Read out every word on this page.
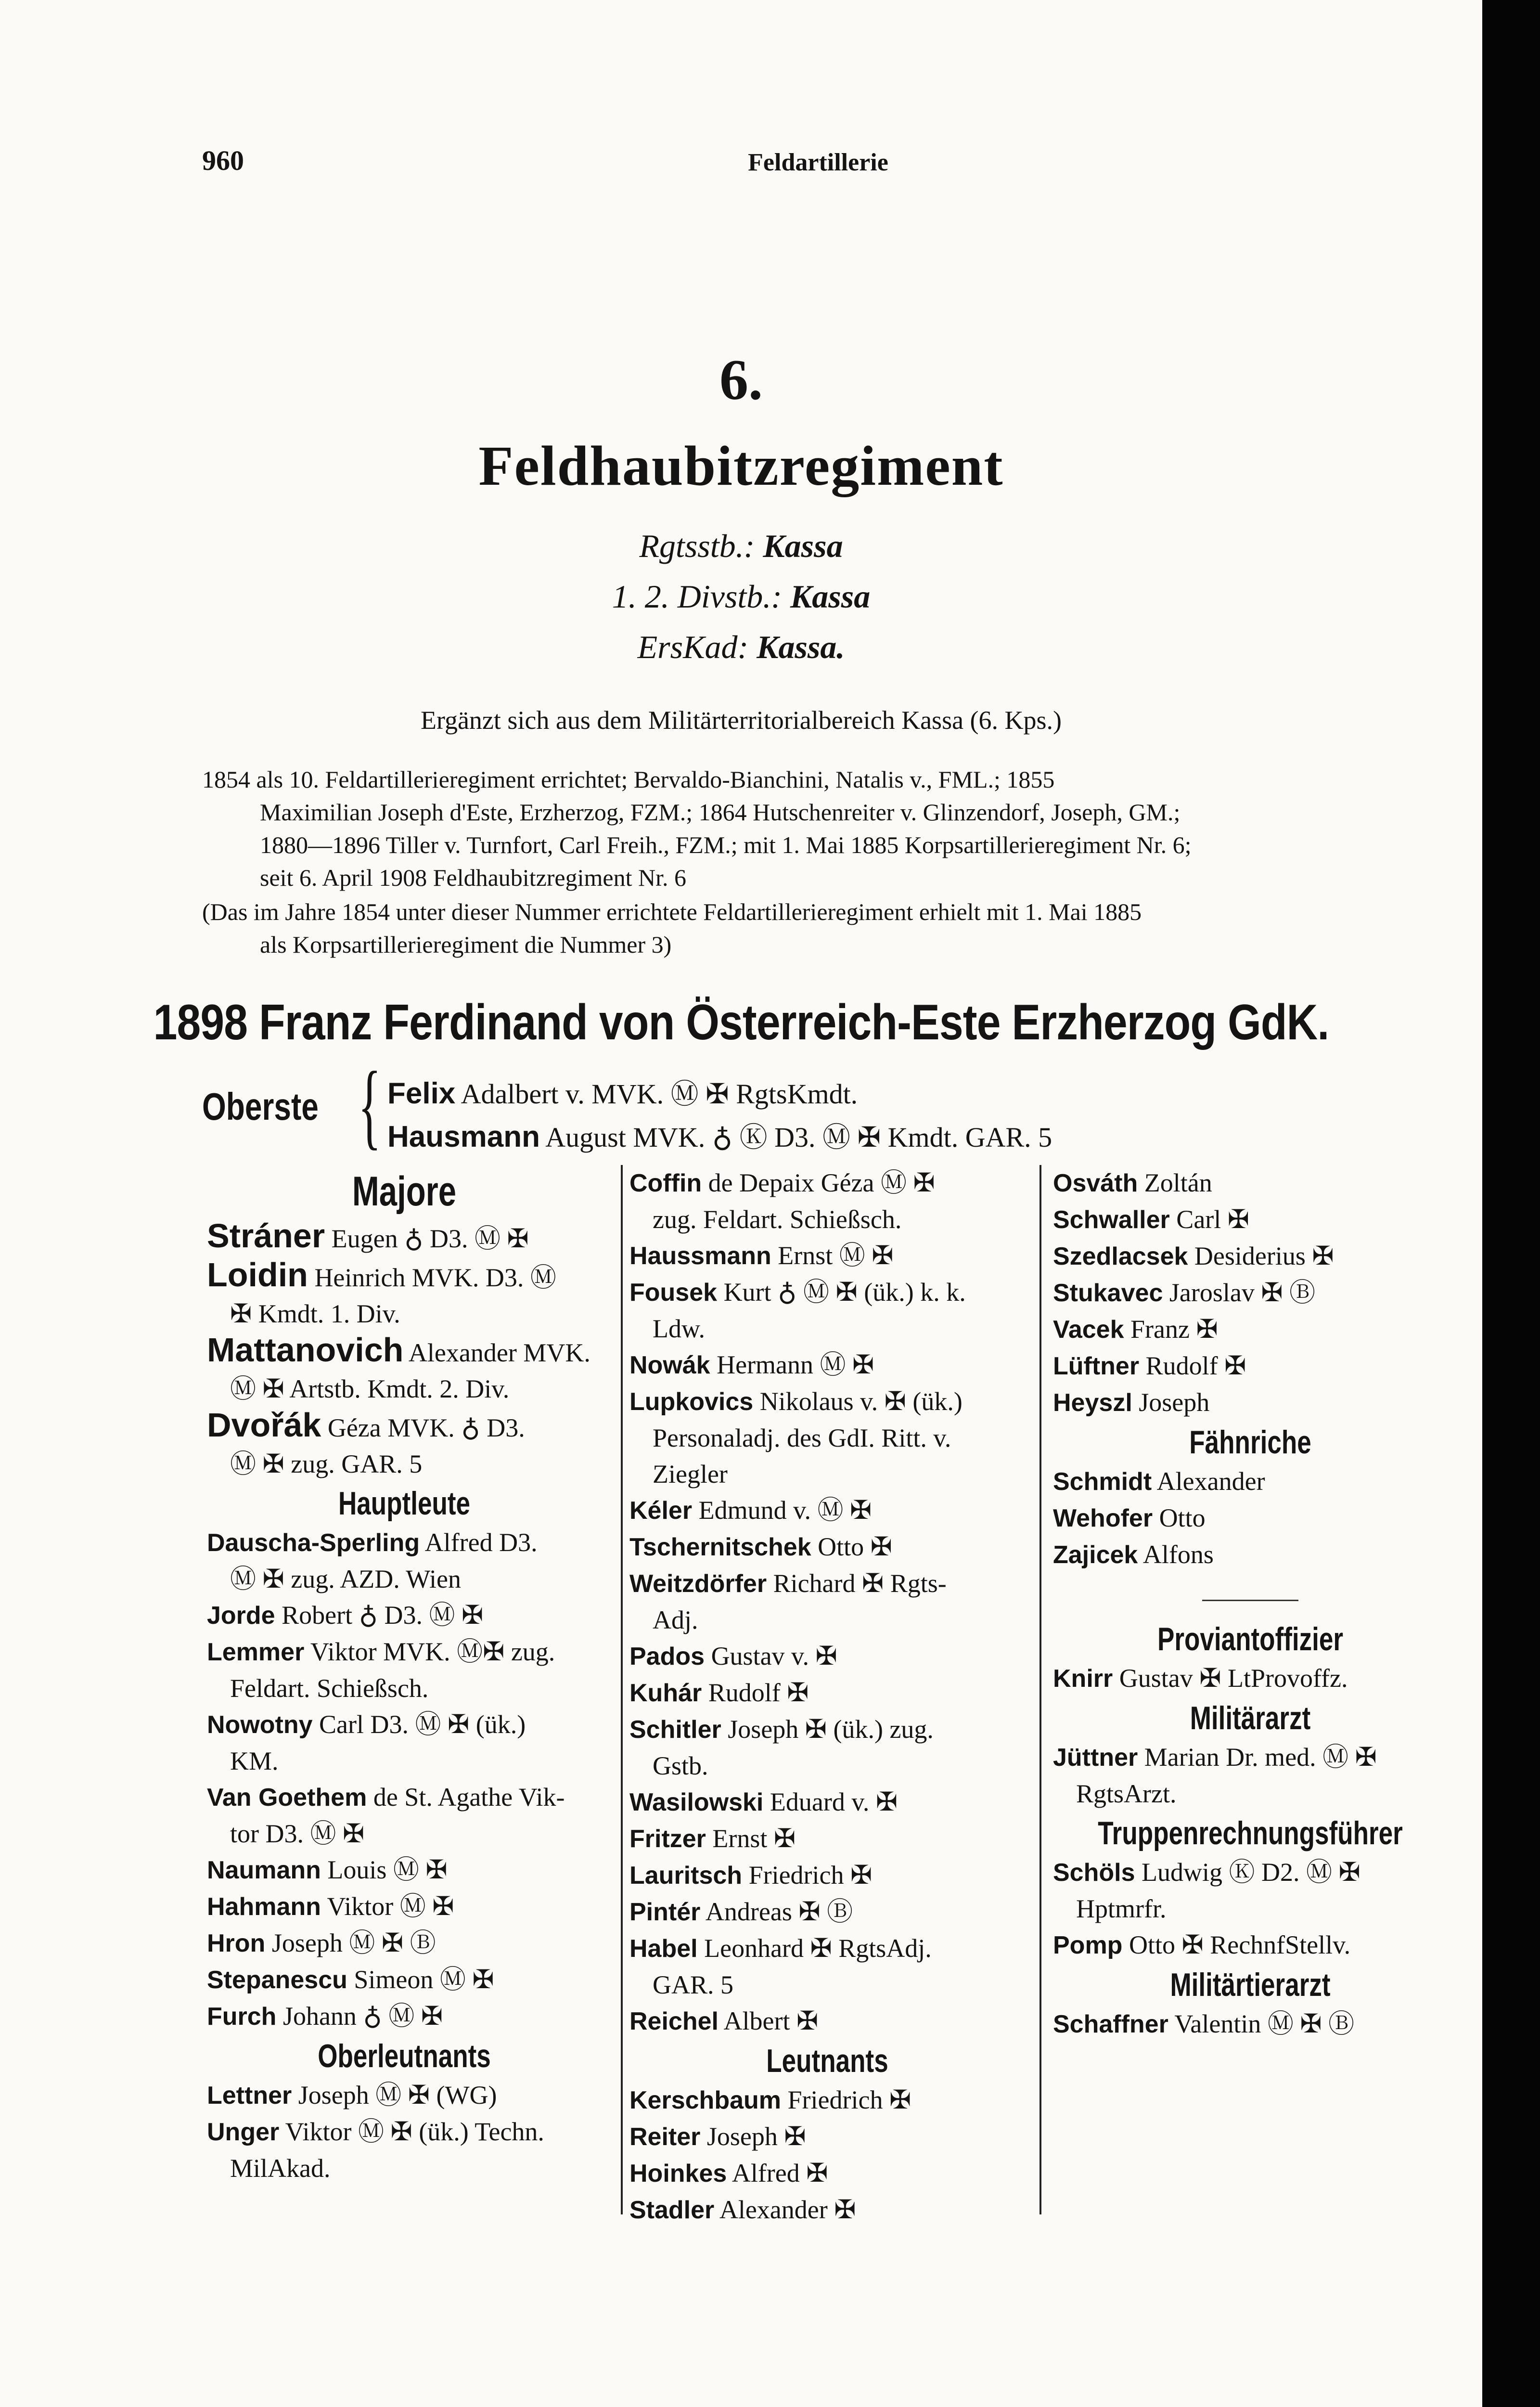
960	Feldartillerie
6.
Feldhaubitzregiment
Rgtsstb.: Kassa
1. 2. Divstb.: Kassa
ErsKad: Kassa.
Ergänzt sich aus dem Militärterritorialbereich Kassa (6. Kps.)
1854 als 10. Feldartillerieregiment errichtet; Bervaldo-Bianchini, Natalis v., FML.; 1855
Maximilian Joseph d'Este, Erzherzog, FZM.; 1864 Hutschenreiter v. Glinzendorf, Joseph, GM.;
1880—1896 Tiller v. Turnfort, Carl Freih., FZM.; mit 1. Mai 1885 Korpsartillerieregiment Nr. 6;
seit 6. April 1908 Feldhaubitzregiment Nr. 6
(Das im Jahre 1854 unter dieser Nummer errichtete Feldartillerieregiment erhielt mit 1. Mai 1885
als Korpsartillerieregiment die Nummer 3)
1898 Franz Ferdinand von Österreich-Este Erzherzog GdK.
Oberste { Felix Adalbert v. MVK. Ⓜ ✠ RgtsKmdt.
Hausmann August MVK. ♁ Ⓚ D3. Ⓜ ✠ Kmdt. GAR. 5
Majore
Stráner Eugen ♁ D3. Ⓜ ✠
Loidin Heinrich MVK. D3. Ⓜ
✠ Kmdt. 1. Div.
Mattanovich Alexander MVK.
Ⓜ ✠ Artstb. Kmdt. 2. Div.
Dvořák Géza MVK. ♁ D3.
Ⓜ ✠ zug. GAR. 5
Hauptleute
Dauscha-Sperling Alfred D3.
Ⓜ ✠ zug. AZD. Wien
Jorde Robert ♁ D3. Ⓜ ✠
Lemmer Viktor MVK. Ⓜ✠ zug.
Feldart. Schießsch.
Nowotny Carl D3. Ⓜ ✠ (ük.)
KM.
Van Goethem de St. Agathe Vik-
tor D3. Ⓜ ✠
Naumann Louis Ⓜ ✠
Hahmann Viktor Ⓜ ✠
Hron Joseph Ⓜ ✠ Ⓑ
Stepanescu Simeon Ⓜ ✠
Furch Johann ♁ Ⓜ ✠
Oberleutnants
Lettner Joseph Ⓜ ✠ (WG)
Unger Viktor Ⓜ ✠ (ük.) Techn.
MilAkad.
Coffin de Depaix Géza Ⓜ ✠
zug. Feldart. Schießsch.
Haussmann Ernst Ⓜ ✠
Fousek Kurt ♁ Ⓜ ✠ (ük.) k. k.
Ldw.
Nowák Hermann Ⓜ ✠
Lupkovics Nikolaus v. ✠ (ük.)
Personaladj. des GdI. Ritt. v.
Ziegler
Kéler Edmund v. Ⓜ ✠
Tschernitschek Otto ✠
Weitzdörfer Richard ✠ Rgts-
Adj.
Pados Gustav v. ✠
Kuhár Rudolf ✠
Schitler Joseph ✠ (ük.) zug.
Gstb.
Wasilowski Eduard v. ✠
Fritzer Ernst ✠
Lauritsch Friedrich ✠
Pintér Andreas ✠ Ⓑ
Habel Leonhard ✠ RgtsAdj.
GAR. 5
Reichel Albert ✠
Leutnants
Kerschbaum Friedrich ✠
Reiter Joseph ✠
Hoinkes Alfred ✠
Stadler Alexander ✠
Osváth Zoltán
Schwaller Carl ✠
Szedlacsek Desiderius ✠
Stukavec Jaroslav ✠ Ⓑ
Vacek Franz ✠
Lüftner Rudolf ✠
Heyszl Joseph
Fähnriche
Schmidt Alexander
Wehofer Otto
Zajicek Alfons
Proviantoffizier
Knirr Gustav ✠ LtProvoffz.
Militärarzt
Jüttner Marian Dr. med. Ⓜ ✠
RgtsArzt.
Truppenrechnungsführer
Schöls Ludwig Ⓚ D2. Ⓜ ✠
Hptmrfr.
Pomp Otto ✠ RechnfStellv.
Militärtierarzt
Schaffner Valentin Ⓜ ✠ Ⓑ
